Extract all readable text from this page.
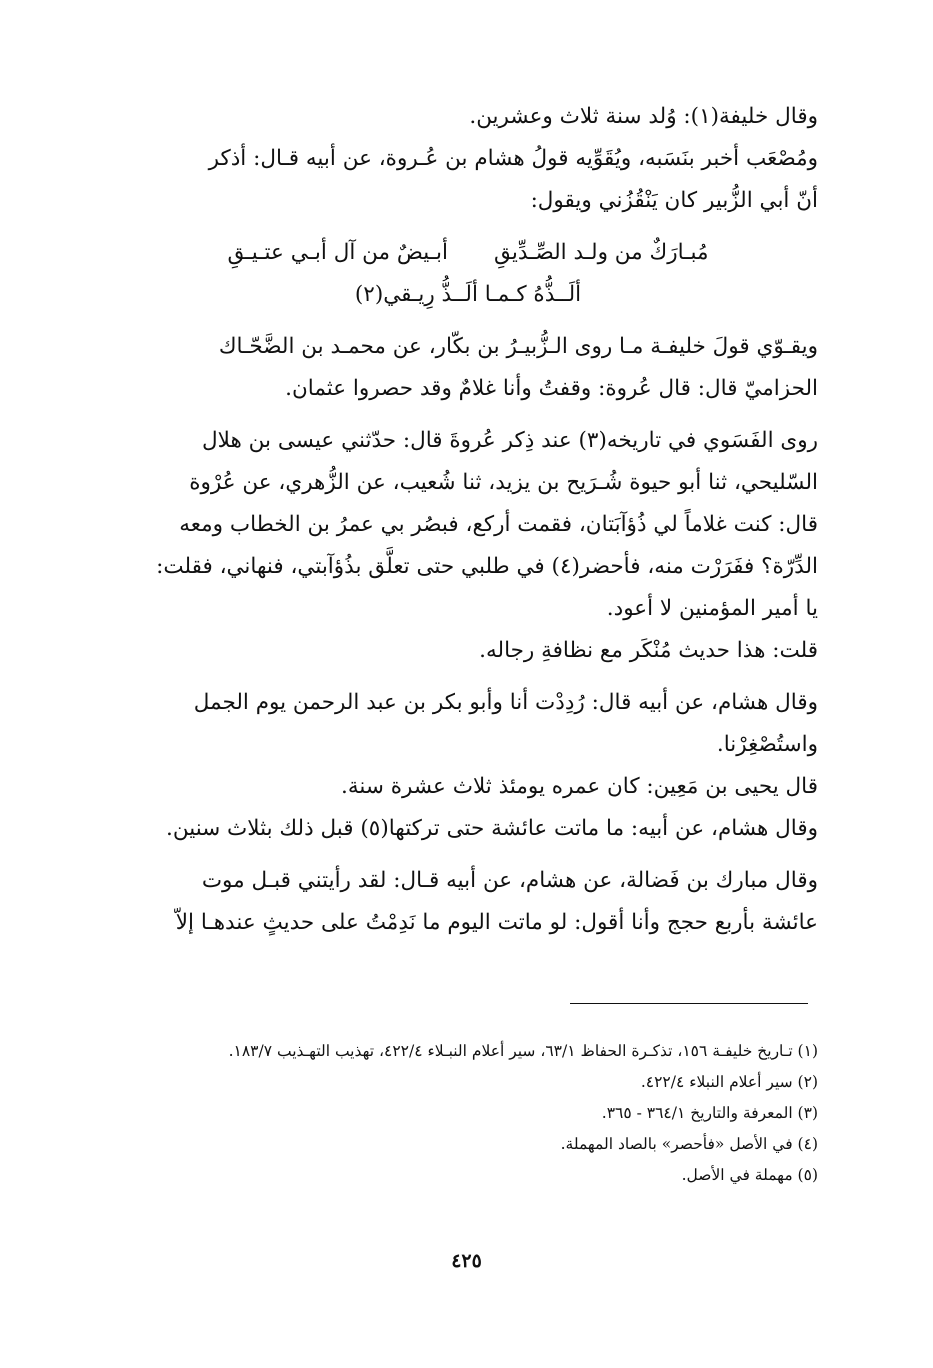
وقال خليفة(١): وُلد سنة ثلاث وعشرين.
ومُصْعَب أخبر بنَسَبه، ويُقَوِّيه قولُ هشام بن عُـروة، عن أبيه قـال: أذكر
أنّ أبي الزُّبير كان يَنْقُزُني ويقول:
مُبـارَكٌ من ولـد الصِّـدِّيقِ
أبـيضٌ من آل أبـي عتـيـقِ
ألَــذُّهُ كـمـا ألَــذُّ رِيـقي(٢)
ويقـوّي قولَ خليفـة مـا روى الـزُّبيـرُ بن بكّار، عن محمـد بن الضَّحّـاك
الحزاميّ قال: قال عُروة: وقفتُ وأنا غلامٌ وقد حصروا عثمان.
روى الفَسَوي في تاريخه(٣) عند ذِكر عُروةَ قال: حدّثني عيسى بن هلال
السّليحي، ثنا أبو حيوة شُـرَيح بن يزيد، ثنا شُعيب، عن الزُّهري، عن عُرْوة
قال: كنت غلاماً لي ذُؤآبَتان، فقمت أركع، فبصُر بي عمرُ بن الخطاب ومعه
الدِّرّة؟ ففَرَرْت منه، فأحضر(٤) في طلبي حتى تعلَّق بذُؤآبتي، فنهاني، فقلت:
يا أمير المؤمنين لا أعود.
قلت: هذا حديث مُنْكَر مع نظافةِ رجاله.
وقال هشام، عن أبيه قال: رُدِدْت أنا وأبو بكر بن عبد الرحمن يوم الجمل
واستُصْغِرْنا.
قال يحيى بن مَعِين: كان عمره يومئذ ثلاث عشرة سنة.
وقال هشام، عن أبيه: ما ماتت عائشة حتى تركتها(٥) قبل ذلك بثلاث سنين.
وقال مبارك بن فَضالة، عن هشام، عن أبيه قـال: لقد رأيتني قبـل موت
عائشة بأربع حجج وأنا أقول: لو ماتت اليوم ما نَدِمْتُ على حديثٍ عندهـا إلاّ
(١) تـاريخ خليفـة ١٥٦، تذكـرة الحفاظ ٦٣/١، سير أعلام النبـلاء ٤٢٢/٤، تهذيب التهـذيب ١٨٣/٧.
(٢) سير أعلام النبلاء ٤٢٢/٤.
(٣) المعرفة والتاريخ ٣٦٤/١ - ٣٦٥.
(٤) في الأصل «فأحصر» بالصاد المهملة.
(٥) مهملة في الأصل.
٤٢٥
